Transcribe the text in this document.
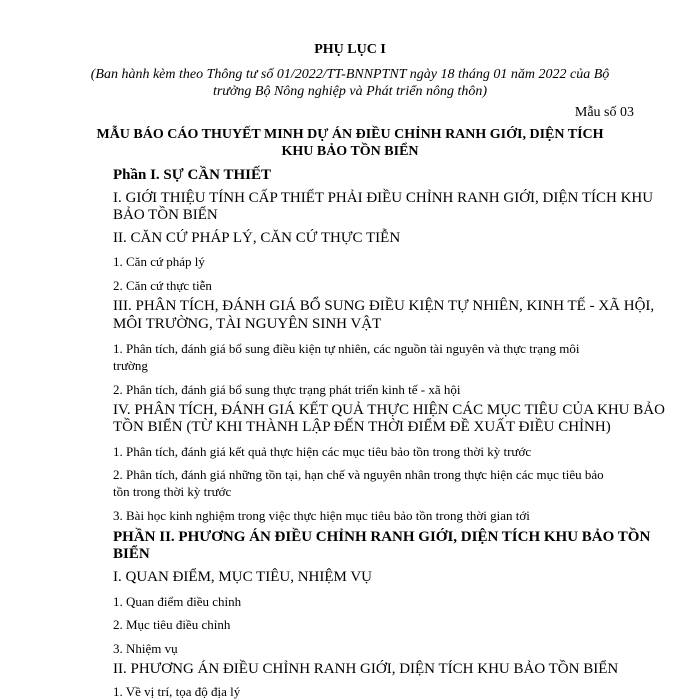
PHỤ LỤC I

(Ban hành kèm theo Thông tư số 01/2022/TT-BNNPTNT ngày 18 tháng 01 năm 2022 của Bộ

trưởng Bộ Nông nghiệp và Phát triển nông thôn)

Mẫu số 03

MẪU BÁO CÁO THUYẾT MINH DỰ ÁN ĐIỀU CHỈNH RANH GIỚI, DIỆN TÍCH

KHU BẢO TỒN BIỂN

Phần I. SỰ CẦN THIẾT

I. GIỚI THIỆU TÍNH CẤP THIẾT PHẢI ĐIỀU CHỈNH RANH GIỚI, DIỆN TÍCH KHU

BẢO TỒN BIỂN

II. CĂN CỨ PHÁP LÝ, CĂN CỨ THỰC TIỄN

1. Căn cứ pháp lý

2. Căn cứ thực tiễn

III. PHÂN TÍCH, ĐÁNH GIÁ BỔ SUNG ĐIỀU KIỆN TỰ NHIÊN, KINH TẾ - XÃ HỘI,

MÔI TRƯỜNG, TÀI NGUYÊN SINH VẬT

1. Phân tích, đánh giá bổ sung điều kiện tự nhiên, các nguồn tài nguyên và thực trạng môi

trường

2. Phân tích, đánh giá bổ sung thực trạng phát triển kinh tế - xã hội

IV. PHÂN TÍCH, ĐÁNH GIÁ KẾT QUẢ THỰC HIỆN CÁC MỤC TIÊU CỦA KHU BẢO

TỒN BIỂN (TỪ KHI THÀNH LẬP ĐẾN THỜI ĐIỂM ĐỀ XUẤT ĐIỀU CHỈNH)

1. Phân tích, đánh giá kết quả thực hiện các mục tiêu bảo tồn trong thời kỳ trước

2. Phân tích, đánh giá những tồn tại, hạn chế và nguyên nhân trong thực hiện các mục tiêu bảo

tồn trong thời kỳ trước

3. Bài học kinh nghiệm trong việc thực hiện mục tiêu bảo tồn trong thời gian tới

PHẦN II. PHƯƠNG ÁN ĐIỀU CHỈNH RANH GIỚI, DIỆN TÍCH KHU BẢO TỒN

BIỂN

I. QUAN ĐIỂM, MỤC TIÊU, NHIỆM VỤ

1. Quan điểm điều chỉnh

2. Mục tiêu điều chỉnh

3. Nhiệm vụ

II. PHƯƠNG ÁN ĐIỀU CHỈNH RANH GIỚI, DIỆN TÍCH KHU BẢO TỒN BIỂN

1. Về vị trí, tọa độ địa lý
